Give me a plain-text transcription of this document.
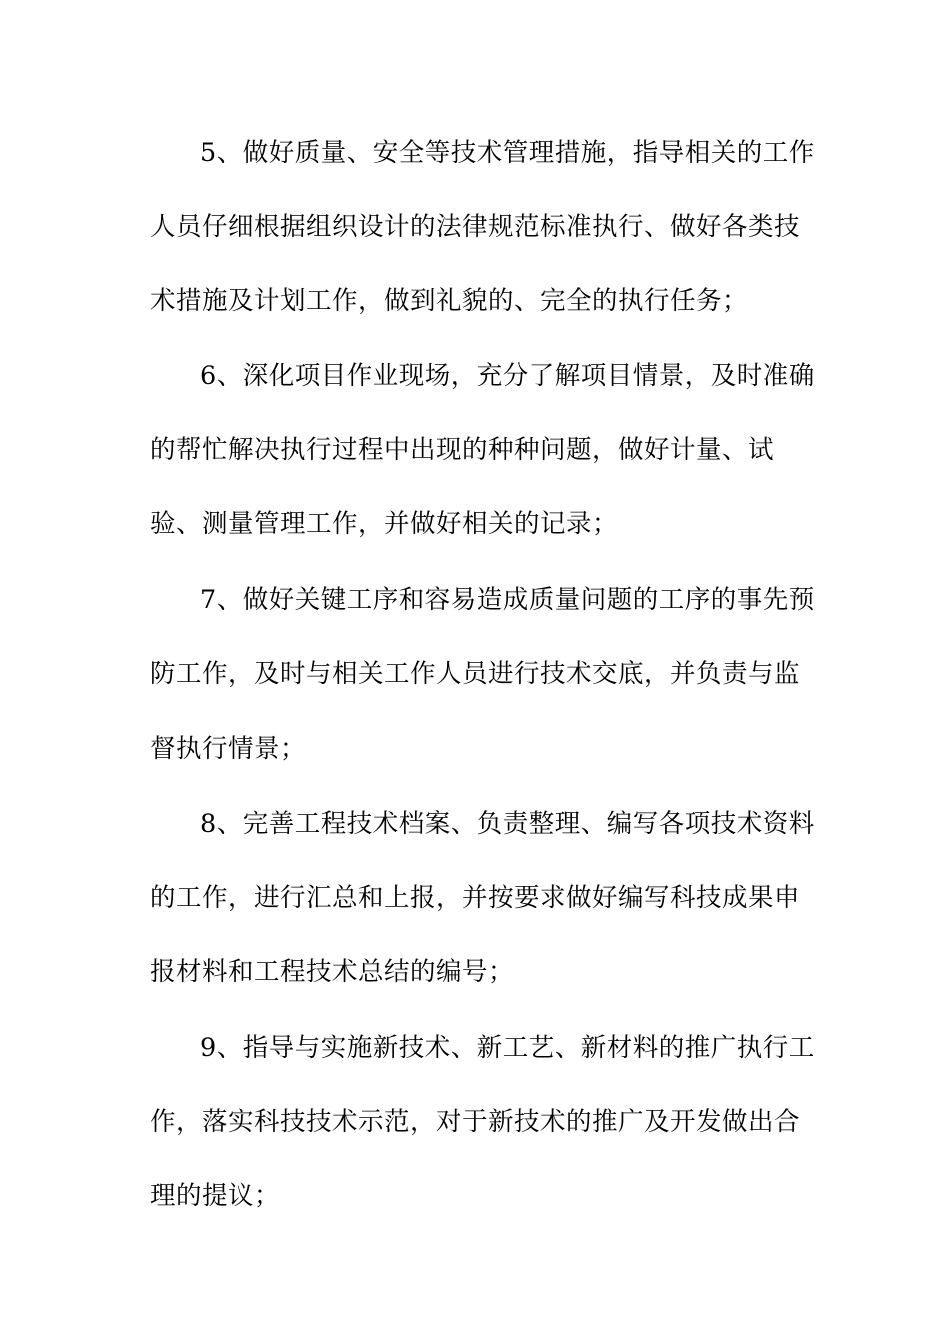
5、做好质量、安全等技术管理措施，指导相关的工作
人员仔细根据组织设计的法律规范标准执行、做好各类技
术措施及计划工作，做到礼貌的、完全的执行任务；
6、深化项目作业现场，充分了解项目情景，及时准确
的帮忙解决执行过程中出现的种种问题，做好计量、试
验、测量管理工作，并做好相关的记录；
7、做好关键工序和容易造成质量问题的工序的事先预
防工作，及时与相关工作人员进行技术交底，并负责与监
督执行情景；
8、完善工程技术档案、负责整理、编写各项技术资料
的工作，进行汇总和上报，并按要求做好编写科技成果申
报材料和工程技术总结的编号；
9、指导与实施新技术、新工艺、新材料的推广执行工
作，落实科技技术示范，对于新技术的推广及开发做出合
理的提议；
